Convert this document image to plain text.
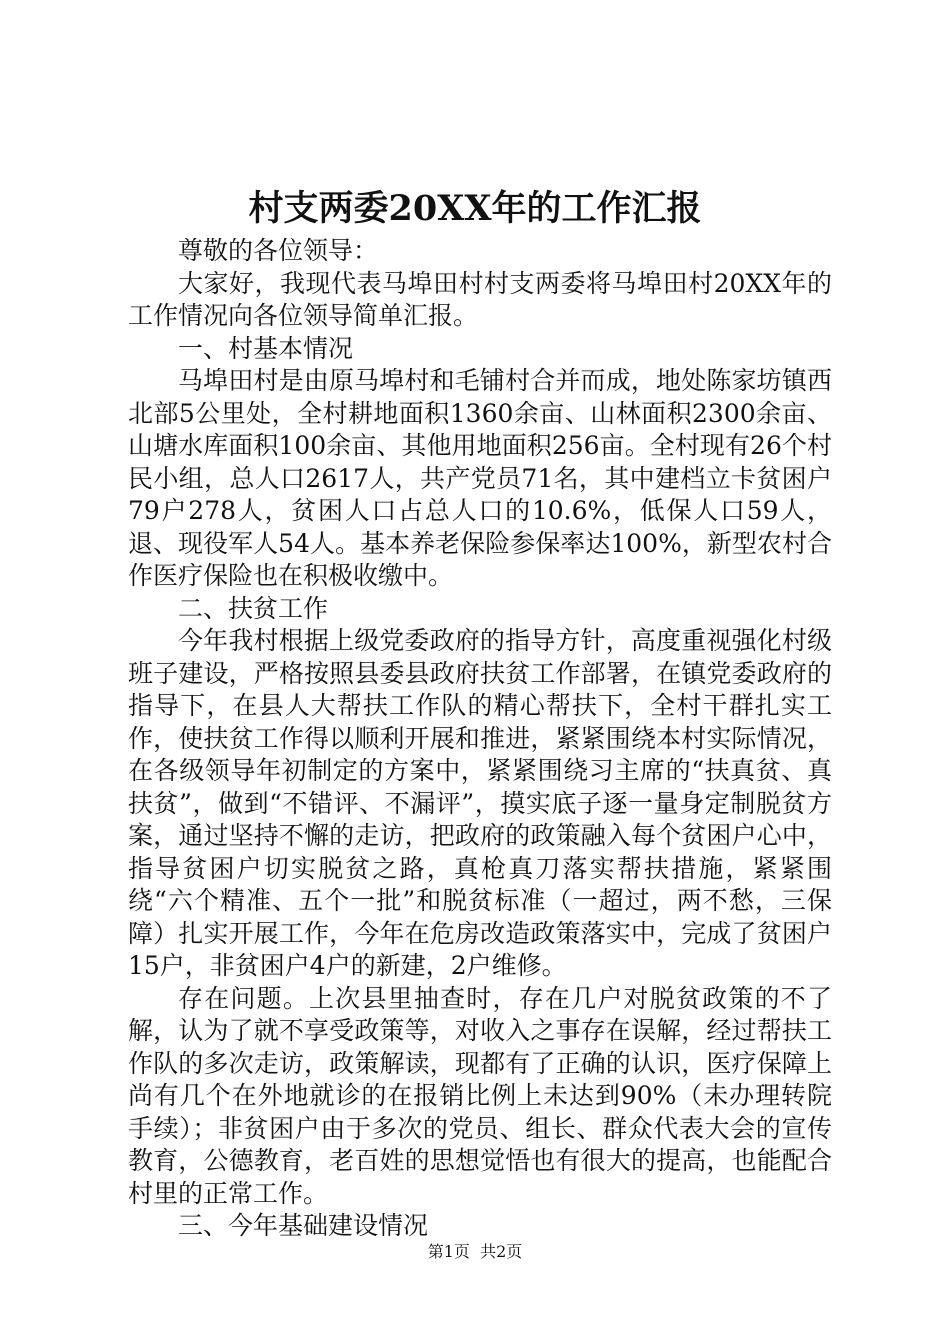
村支两委20XX年的工作汇报

尊敬的各位领导：

大家好，我现代表马埠田村村支两委将马埠田村20XX年的工作情况向各位领导简单汇报。

一、村基本情况

马埠田村是由原马埠村和毛铺村合并而成，地处陈家坊镇西北部5公里处，全村耕地面积1360余亩、山林面积2300余亩、山塘水库面积100余亩、其他用地面积256亩。全村现有26个村民小组，总人口2617人，共产党员71名，其中建档立卡贫困户79户278人，贫困人口占总人口的10.6%，低保人口59人，退、现役军人54人。基本养老保险参保率达100%，新型农村合作医疗保险也在积极收缴中。

二、扶贫工作

今年我村根据上级党委政府的指导方针，高度重视强化村级班子建设，严格按照县委县政府扶贫工作部署，在镇党委政府的指导下，在县人大帮扶工作队的精心帮扶下，全村干群扎实工作，使扶贫工作得以顺利开展和推进，紧紧围绕本村实际情况，在各级领导年初制定的方案中，紧紧围绕习主席的“扶真贫、真扶贫”，做到“不错评、不漏评”，摸实底子逐一量身定制脱贫方案，通过坚持不懈的走访，把政府的政策融入每个贫困户心中，指导贫困户切实脱贫之路，真枪真刀落实帮扶措施，紧紧围绕“六个精准、五个一批”和脱贫标准（一超过，两不愁，三保障）扎实开展工作，今年在危房改造政策落实中，完成了贫困户15户，非贫困户4户的新建，2户维修。

存在问题。上次县里抽查时，存在几户对脱贫政策的不了解，认为了就不享受政策等，对收入之事存在误解，经过帮扶工作队的多次走访，政策解读，现都有了正确的认识，医疗保障上尚有几个在外地就诊的在报销比例上未达到90%（未办理转院手续）；非贫困户由于多次的党员、组长、群众代表大会的宣传教育，公德教育，老百姓的思想觉悟也有很大的提高，也能配合村里的正常工作。

三、今年基础建设情况

第1页 共2页
